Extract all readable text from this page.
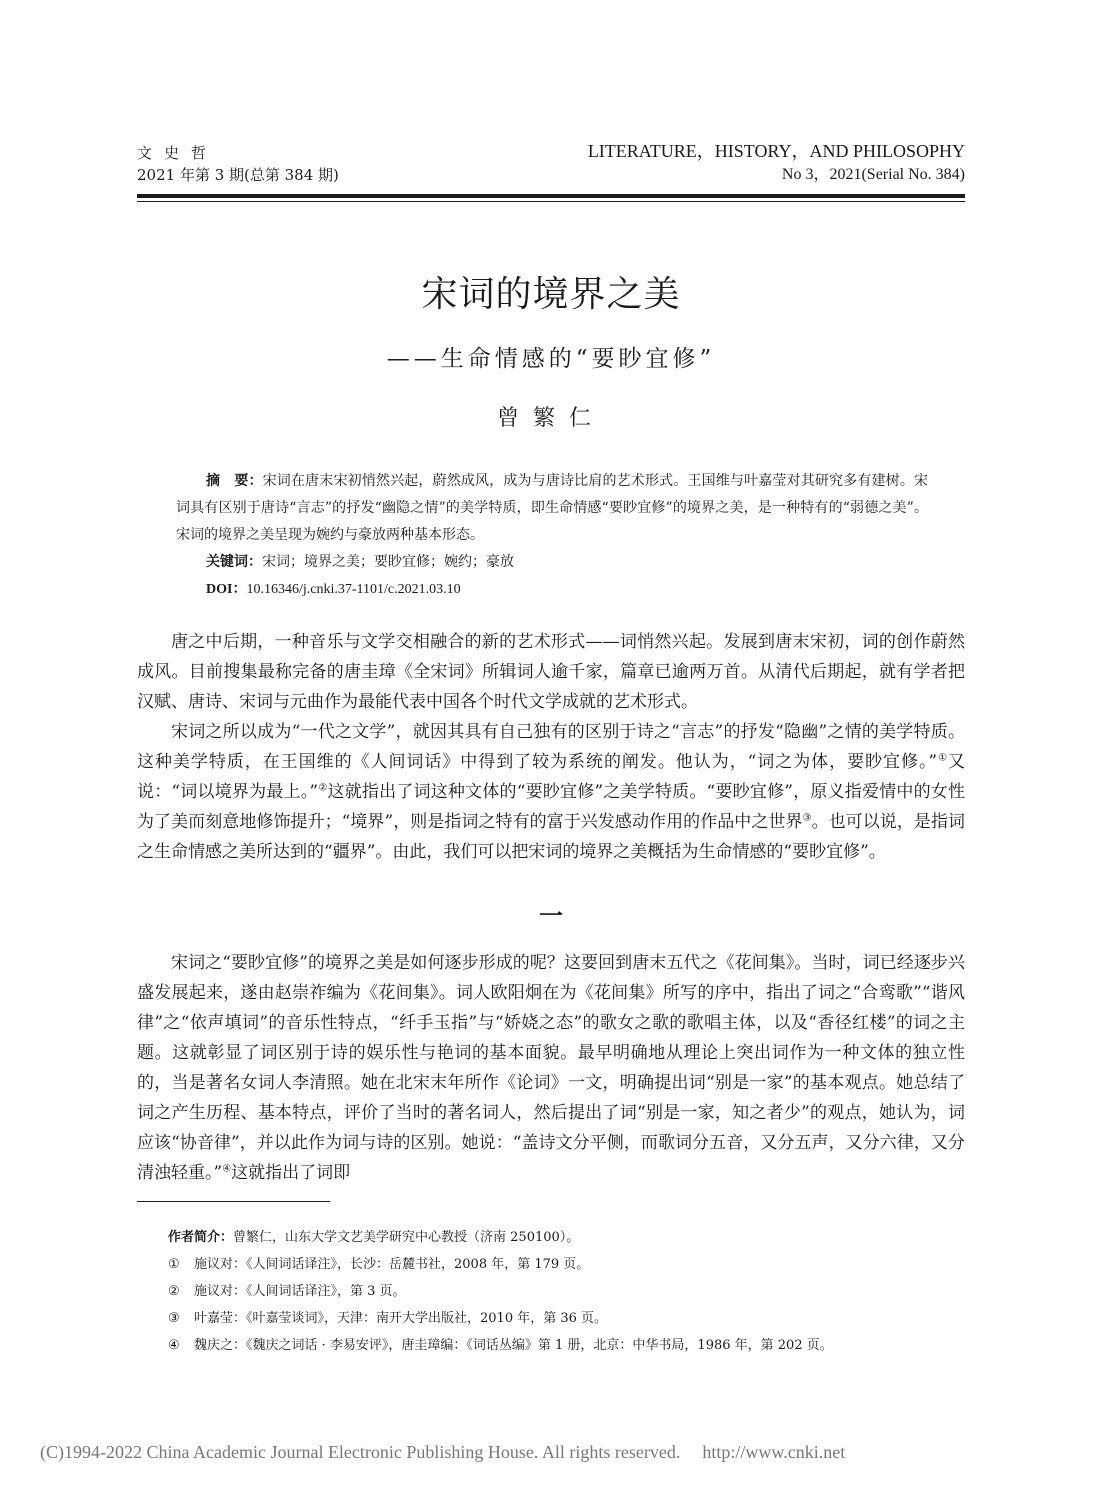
文史哲
2021 年第 3 期(总第 384 期)
LITERATURE，HISTORY，AND PHILOSOPHY
No 3，2021(Serial No. 384)
宋词的境界之美
——生命情感的“要眇宜修”
曾繁仁

摘　要：宋词在唐末宋初悄然兴起，蔚然成风，成为与唐诗比肩的艺术形式。王国维与叶嘉莹对其研究多有建树。宋词具有区别于唐诗“言志”的抒发“幽隐之情”的美学特质，即生命情感“要眇宜修”的境界之美，是一种特有的“弱德之美”。宋词的境界之美呈现为婉约与豪放两种基本形态。

关键词：宋词；境界之美；要眇宜修；婉约；豪放

DOI：10.16346/j.cnki.37-1101/c.2021.03.10

唐之中后期，一种音乐与文学交相融合的新的艺术形式——词悄然兴起。发展到唐末宋初，词的创作蔚然成风。目前搜集最称完备的唐圭璋《全宋词》所辑词人逾千家，篇章已逾两万首。从清代后期起，就有学者把汉赋、唐诗、宋词与元曲作为最能代表中国各个时代文学成就的艺术形式。

宋词之所以成为“一代之文学”，就因其具有自己独有的区别于诗之“言志”的抒发“隐幽”之情的美学特质。这种美学特质，在王国维的《人间词话》中得到了较为系统的阐发。他认为，“词之为体，要眇宜修。”①又说：“词以境界为最上。”②这就指出了词这种文体的“要眇宜修”之美学特质。“要眇宜修”，原义指爱情中的女性为了美而刻意地修饰提升；“境界”，则是指词之特有的富于兴发感动作用的作品中之世界③。也可以说，是指词之生命情感之美所达到的“疆界”。由此，我们可以把宋词的境界之美概括为生命情感的“要眇宜修”。

一

宋词之“要眇宜修”的境界之美是如何逐步形成的呢？这要回到唐末五代之《花间集》。当时，词已经逐步兴盛发展起来，遂由赵崇祚编为《花间集》。词人欧阳炯在为《花间集》所写的序中，指出了词之“合鸾歌”“谐风律”之“依声填词”的音乐性特点，“纤手玉指”与“娇娆之态”的歌女之歌的歌唱主体，以及“香径红楼”的词之主题。这就彰显了词区别于诗的娱乐性与艳词的基本面貌。最早明确地从理论上突出词作为一种文体的独立性的，当是著名女词人李清照。她在北宋末年所作《论词》一文，明确提出词“别是一家”的基本观点。她总结了词之产生历程、基本特点，评价了当时的著名词人，然后提出了词“别是一家，知之者少”的观点，她认为，词应该“协音律”，并以此作为词与诗的区别。她说：“盖诗文分平侧，而歌词分五音，又分五声，又分六律，又分清浊轻重。”④这就指出了词即

作者简介：曾繁仁，山东大学文艺美学研究中心教授（济南 250100）。

① 施议对：《人间词话译注》，长沙：岳麓书社，2008 年，第 179 页。

② 施议对：《人间词话译注》，第 3 页。

③ 叶嘉莹：《叶嘉莹谈词》，天津：南开大学出版社，2010 年，第 36 页。

④ 魏庆之：《魏庆之词话 · 李易安评》，唐圭璋编：《词话丛编》第 1 册，北京：中华书局，1986 年，第 202 页。

(C)1994-2022 China Academic Journal Electronic Publishing House. All rights reserved. http://www.cnki.net
